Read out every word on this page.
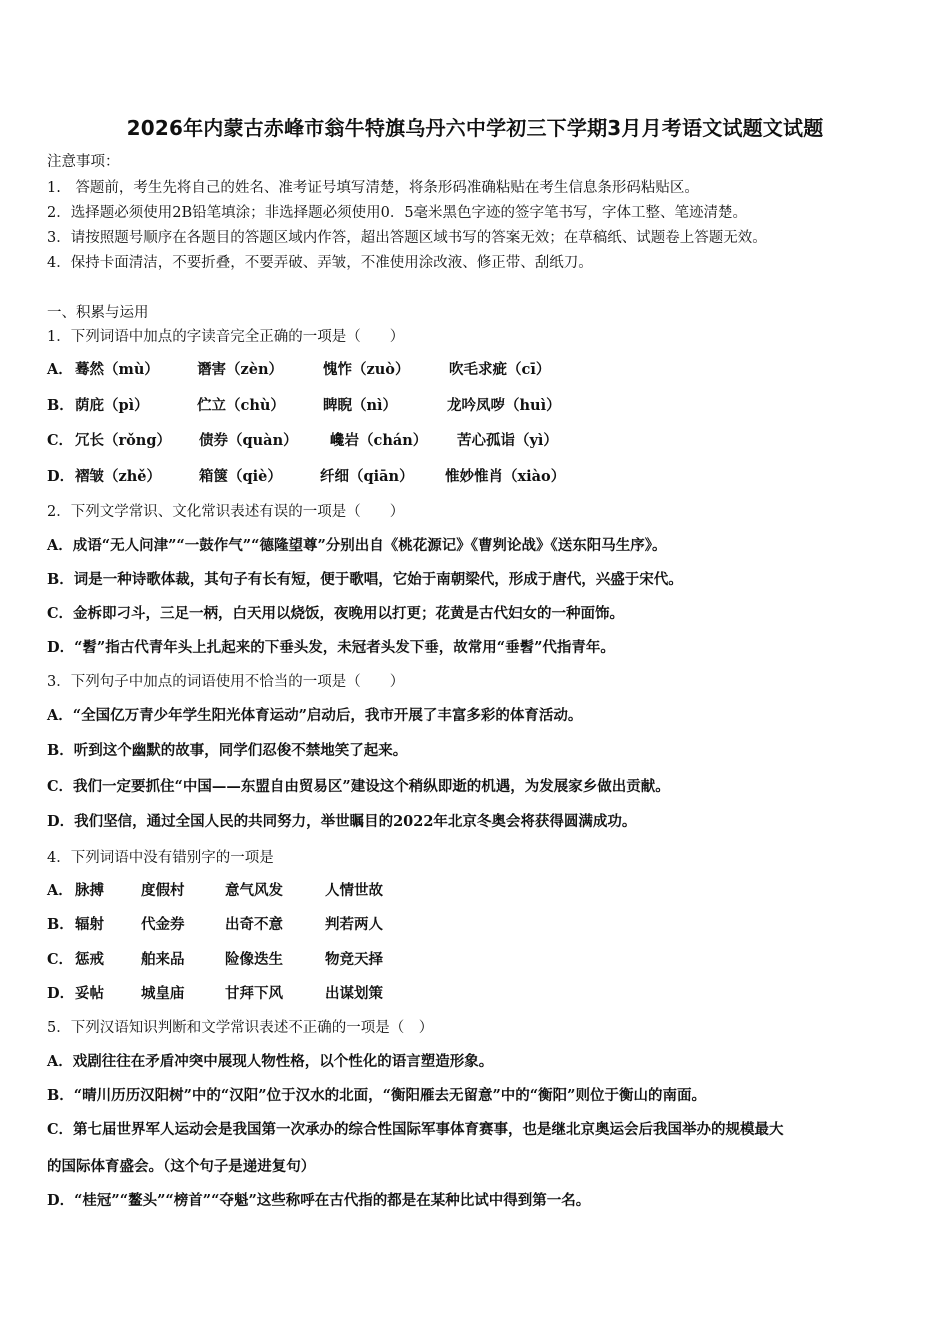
2026年内蒙古赤峰市翁牛特旗乌丹六中学初三下学期3月月考语文试题文试题
注意事项：
1.　答题前，考生先将自己的姓名、准考证号填写清楚，将条形码准确粘贴在考生信息条形码粘贴区。
2．选择题必须使用2B铅笔填涂；非选择题必须使用0．5毫米黑色字迹的签字笔书写，字体工整、笔迹清楚。
3．请按照题号顺序在各题目的答题区域内作答，超出答题区域书写的答案无效；在草稿纸、试题卷上答题无效。
4．保持卡面清洁，不要折叠，不要弄破、弄皱，不准使用涂改液、修正带、刮纸刀。
一、积累与运用
1．下列词语中加点的字读音完全正确的一项是（　　）
A． 蓦然（mù）	谮害（zèn）	愧怍（zuò）	吹毛求疵（cī）
B． 荫庇（pì）	伫立（chù）	睥睨（nì）	龙吟凤哕（huì）
C． 冗长（rǒng） 债券（quàn） 巉岩（chán） 苦心孤诣（yì）
D． 褶皱（zhě）	箱箧（qiè）	纤细（qiān） 惟妙惟肖（xiào）
2．下列文学常识、文化常识表述有误的一项是（　　）
A．成语“无人问津”“一鼓作气”“德隆望尊”分别出自《桃花源记》《曹刿论战》《送东阳马生序》。
B．词是一种诗歌体裁，其句子有长有短，便于歌唱，它始于南朝梁代，形成于唐代，兴盛于宋代。
C．金柝即刁斗，三足一柄，白天用以烧饭，夜晚用以打更；花黄是古代妇女的一种面饰。
D．“髫”指古代青年头上扎起来的下垂头发，未冠者头发下垂，故常用“垂髫”代指青年。
3．下列句子中加点的词语使用不恰当的一项是（　　）
A．“全国亿万青少年学生阳光体育运动”启动后，我市开展了丰富多彩的体育活动。
B．听到这个幽默的故事，同学们忍俊不禁地笑了起来。
C．我们一定要抓住“中国——东盟自由贸易区”建设这个稍纵即逝的机遇，为发展家乡做出贡献。
D．我们坚信，通过全国人民的共同努力，举世瞩目的2022年北京冬奥会将获得圆满成功。
4．下列词语中没有错别字的一项是
A． 脉搏	度假村	意气风发	人情世故
B． 辐射	代金券	出奇不意	判若两人
C． 惩戒	舶来品	险像迭生	物竞天择
D． 妥帖	城皇庙	甘拜下风	出谋划策
5．下列汉语知识判断和文学常识表述不正确的一项是（　）
A．戏剧往往在矛盾冲突中展现人物性格，以个性化的语言塑造形象。
B．“晴川历历汉阳树”中的“汉阳”位于汉水的北面，“衡阳雁去无留意”中的“衡阳”则位于衡山的南面。
C．第七届世界军人运动会是我国第一次承办的综合性国际军事体育赛事，也是继北京奥运会后我国举办的规模最大
的国际体育盛会。（这个句子是递进复句）
D．“桂冠”“鳌头”“榜首”“夺魁”这些称呼在古代指的都是在某种比试中得到第一名。
